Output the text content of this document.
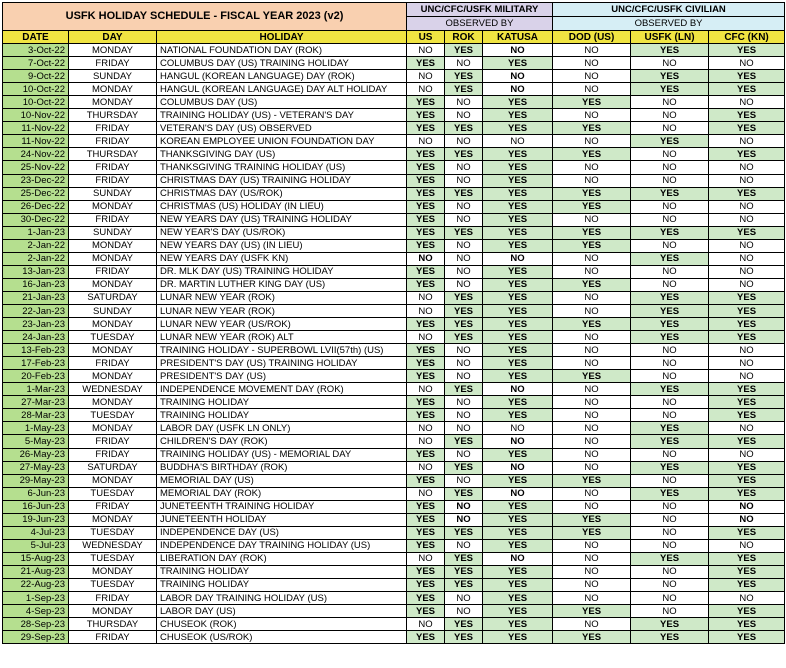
USFK HOLIDAY SCHEDULE - FISCAL YEAR 2023 (v2)			UNC/CFC/USFK MILITARY			UNC/CFC/USFK CIVILIAN		
			OBSERVED BY			OBSERVED BY		
DATE	DAY	HOLIDAY	US	ROK	KATUSA	DOD (US)	USFK (LN)	CFC (KN)
3-Oct-22	MONDAY	NATIONAL FOUNDATION DAY (ROK)	NO	YES	NO	NO	YES	YES
7-Oct-22	FRIDAY	COLUMBUS DAY (US) TRAINING HOLIDAY	YES	NO	YES	NO	NO	NO
9-Oct-22	SUNDAY	HANGUL (KOREAN LANGUAGE) DAY (ROK)	NO	YES	NO	NO	YES	YES
10-Oct-22	MONDAY	HANGUL (KOREAN LANGUAGE) DAY ALT HOLIDAY	NO	YES	NO	NO	YES	YES
10-Oct-22	MONDAY	COLUMBUS DAY (US)	YES	NO	YES	YES	NO	NO
10-Nov-22	THURSDAY	TRAINING HOLIDAY (US) - VETERAN'S DAY	YES	NO	YES	NO	NO	YES
11-Nov-22	FRIDAY	VETERAN'S DAY (US) OBSERVED	YES	YES	YES	YES	NO	YES
11-Nov-22	FRIDAY	KOREAN EMPLOYEE UNION FOUNDATION DAY	NO	NO	NO	NO	YES	NO
24-Nov-22	THURSDAY	THANKSGIVING DAY (US)	YES	YES	YES	YES	NO	YES
25-Nov-22	FRIDAY	THANKSGIVING TRAINING HOLIDAY (US)	YES	NO	YES	NO	NO	NO
23-Dec-22	FRIDAY	CHRISTMAS DAY (US) TRAINING HOLIDAY	YES	NO	YES	NO	NO	NO
25-Dec-22	SUNDAY	CHRISTMAS DAY (US/ROK)	YES	YES	YES	YES	YES	YES
26-Dec-22	MONDAY	CHRISTMAS (US) HOLIDAY (IN LIEU)	YES	NO	YES	YES	NO	NO
30-Dec-22	FRIDAY	NEW YEARS DAY (US) TRAINING HOLIDAY	YES	NO	YES	NO	NO	NO
1-Jan-23	SUNDAY	NEW YEAR'S DAY (US/ROK)	YES	YES	YES	YES	YES	YES
2-Jan-22	MONDAY	NEW YEARS DAY (US) (IN LIEU)	YES	NO	YES	YES	NO	NO
2-Jan-22	MONDAY	NEW YEARS DAY (USFK KN)	NO	NO	NO	NO	YES	NO
13-Jan-23	FRIDAY	DR. MLK DAY (US) TRAINING HOLIDAY	YES	NO	YES	NO	NO	NO
16-Jan-23	MONDAY	DR. MARTIN LUTHER KING DAY (US)	YES	NO	YES	YES	NO	NO
21-Jan-23	SATURDAY	LUNAR NEW YEAR (ROK)	NO	YES	YES	NO	YES	YES
22-Jan-23	SUNDAY	LUNAR NEW YEAR (ROK)	NO	YES	YES	NO	YES	YES
23-Jan-23	MONDAY	LUNAR NEW YEAR (US/ROK)	YES	YES	YES	YES	YES	YES
24-Jan-23	TUESDAY	LUNAR NEW YEAR (ROK) ALT	NO	YES	YES	NO	YES	YES
13-Feb-23	MONDAY	TRAINING HOLIDAY - SUPERBOWL LVII(57th) (US)	YES	NO	YES	NO	NO	NO
17-Feb-23	FRIDAY	PRESIDENT'S DAY (US) TRAINING HOLIDAY	YES	NO	YES	NO	NO	NO
20-Feb-23	MONDAY	PRESIDENT'S DAY (US)	YES	NO	YES	YES	NO	NO
1-Mar-23	WEDNESDAY	INDEPENDENCE MOVEMENT DAY (ROK)	NO	YES	NO	NO	YES	YES
27-Mar-23	MONDAY	TRAINING HOLIDAY	YES	NO	YES	NO	NO	YES
28-Mar-23	TUESDAY	TRAINING HOLIDAY	YES	NO	YES	NO	NO	YES
1-May-23	MONDAY	LABOR DAY (USFK LN ONLY)	NO	NO	NO	NO	YES	NO
5-May-23	FRIDAY	CHILDREN'S DAY (ROK)	NO	YES	NO	NO	YES	YES
26-May-23	FRIDAY	TRAINING HOLIDAY (US) - MEMORIAL DAY	YES	NO	YES	NO	NO	NO
27-May-23	SATURDAY	BUDDHA'S BIRTHDAY (ROK)	NO	YES	NO	NO	YES	YES
29-May-23	MONDAY	MEMORIAL DAY (US)	YES	NO	YES	YES	NO	YES
6-Jun-23	TUESDAY	MEMORIAL DAY (ROK)	NO	YES	NO	NO	YES	YES
16-Jun-23	FRIDAY	JUNETEENTH TRAINING HOLIDAY	YES	NO	YES	NO	NO	NO
19-Jun-23	MONDAY	JUNETEENTH HOLIDAY	YES	NO	YES	YES	NO	NO
4-Jul-23	TUESDAY	INDEPENDENCE DAY (US)	YES	YES	YES	YES	NO	YES
5-Jul-23	WEDNESDAY	INDEPENDENCE DAY TRAINING HOLIDAY (US)	YES	NO	YES	NO	NO	NO
15-Aug-23	TUESDAY	LIBERATION DAY (ROK)	NO	YES	NO	NO	YES	YES
21-Aug-23	MONDAY	TRAINING HOLIDAY	YES	YES	YES	NO	NO	YES
22-Aug-23	TUESDAY	TRAINING HOLIDAY	YES	YES	YES	NO	NO	YES
1-Sep-23	FRIDAY	LABOR DAY TRAINING HOLIDAY (US)	YES	NO	YES	NO	NO	NO
4-Sep-23	MONDAY	LABOR DAY (US)	YES	NO	YES	YES	NO	YES
28-Sep-23	THURSDAY	CHUSEOK (ROK)	NO	YES	YES	NO	YES	YES
29-Sep-23	FRIDAY	CHUSEOK (US/ROK)	YES	YES	YES	YES	YES	YES
